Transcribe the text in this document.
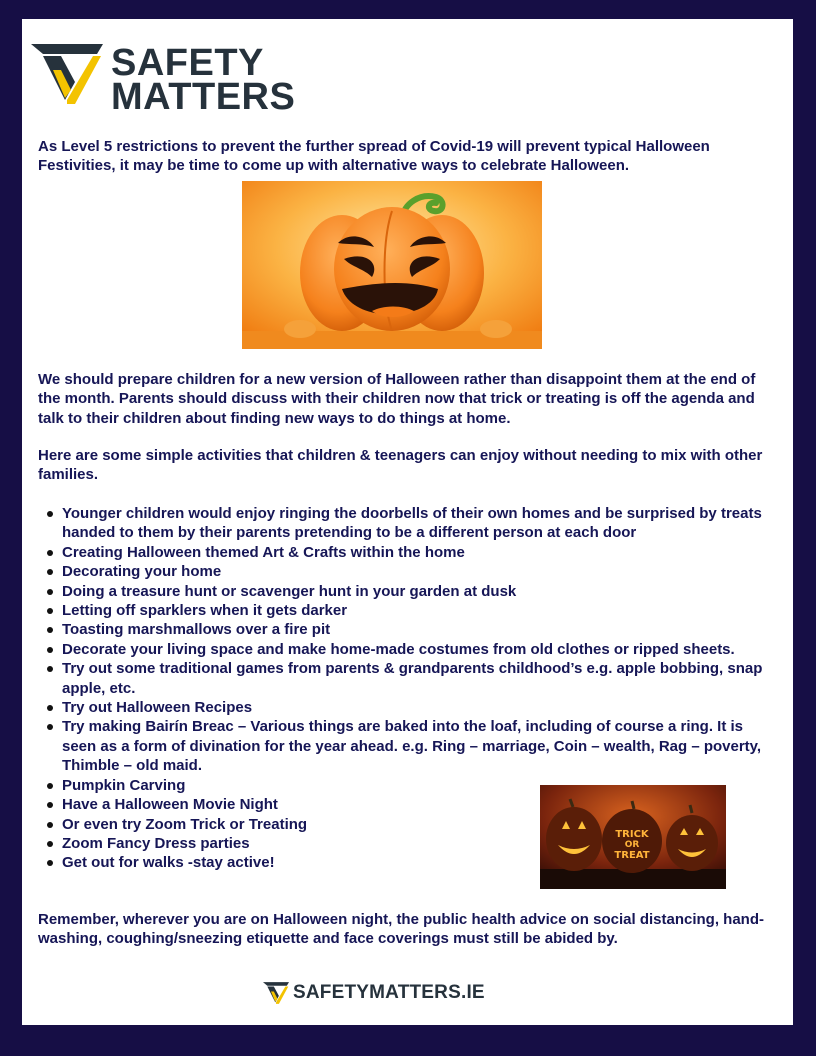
SAFETY
MATTERS

As Level 5 restrictions to prevent the further spread of Covid-19 will prevent typical Halloween Festivities, it may be time to come up with alternative ways to celebrate Halloween.

We should prepare children for a new version of Halloween rather than disappoint them at the end of the month. Parents should discuss with their children now that trick or treating is off the agenda and talk to their children about finding new ways to do things at home.

Here are some simple activities that children & teenagers can enjoy without needing to mix with other families.

Younger children would enjoy ringing the doorbells of their own homes and be surprised by treats handed to them by their parents pretending to be a different person at each door
Creating Halloween themed Art & Crafts within the home
Decorating your home
Doing a treasure hunt or scavenger hunt in your garden at dusk
Letting off sparklers when it gets darker
Toasting marshmallows over a fire pit
Decorate your living space and make home-made costumes from old clothes or ripped sheets.
Try out some traditional games from parents & grandparents childhood’s e.g. apple bobbing, snap apple, etc.
Try out Halloween Recipes
Try making Bairín Breac – Various things are baked into the loaf, including of course a ring. It is seen as a form of divination for the year ahead. e.g. Ring – marriage, Coin – wealth, Rag – poverty, Thimble – old maid.
Pumpkin Carving
Have a Halloween Movie Night
Or even try Zoom Trick or Treating
Zoom Fancy Dress parties
Get out for walks -stay active!
TRICK
OR
TREAT

Remember, wherever you are on Halloween night, the public health advice on social distancing, hand-washing, coughing/sneezing etiquette and face coverings must still be abided by.

SAFETYMATTERS.IE
